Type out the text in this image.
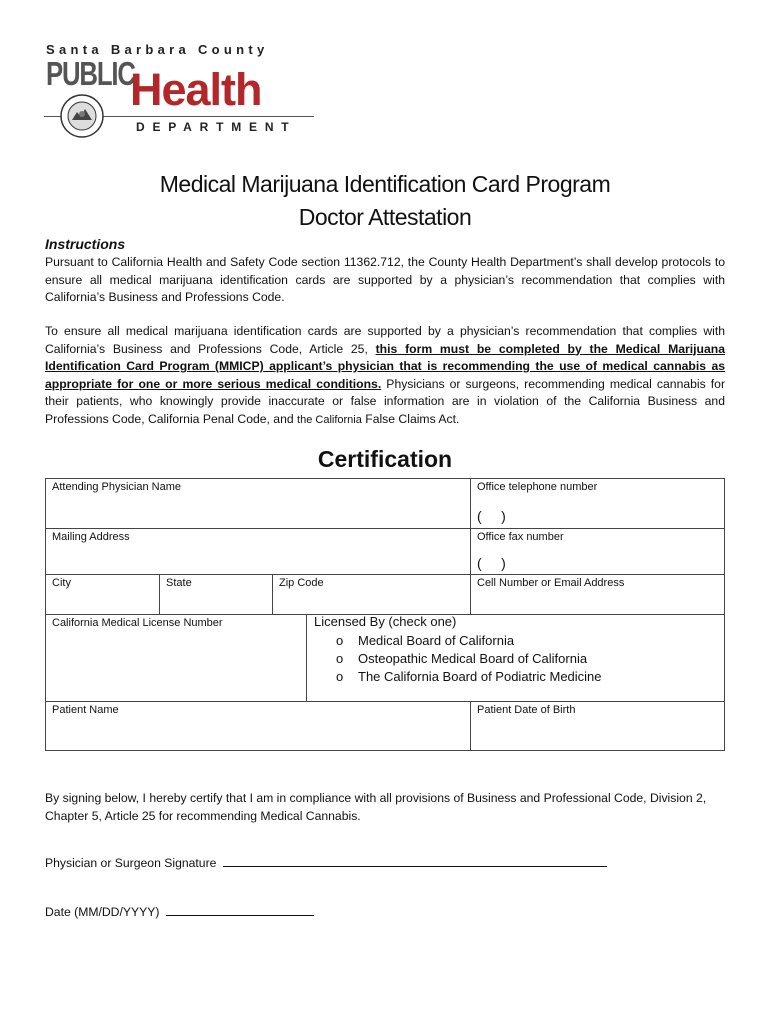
Santa Barbara County
PUBLIC
Health
DEPARTMENT
Medical Marijuana Identification Card Program
Doctor Attestation
Instructions
Pursuant to California Health and Safety Code section 11362.712, the County Health Department’s shall develop protocols to ensure all medical marijuana identification cards are supported by a physician’s recommendation that complies with California’s Business and Professions Code.
To ensure all medical marijuana identification cards are supported by a physician’s recommendation that complies with California’s Business and Professions Code, Article 25, this form must be completed by the Medical Marijuana Identification Card Program (MMICP) applicant’s physician that is recommending the use of medical cannabis as appropriate for one or more serious medical conditions. Physicians or surgeons, recommending medical cannabis for their patients, who knowingly provide inaccurate or false information are in violation of the California Business and Professions Code, California Penal Code, and the California False Claims Act.
Certification
Attending Physician Name	Office telephone number
(     )
Mailing Address	Office fax number
(     )
City	State	Zip Code	Cell Number or Email Address
California Medical License Number	Licensed By (check one)
o Medical Board of California
o Osteopathic Medical Board of California
o The California Board of Podiatric Medicine
Patient Name	Patient Date of Birth
By signing below, I hereby certify that I am in compliance with all provisions of Business and Professional Code, Division 2, Chapter 5, Article 25 for recommending Medical Cannabis.
Physician or Surgeon Signature
Date (MM/DD/YYYY)
